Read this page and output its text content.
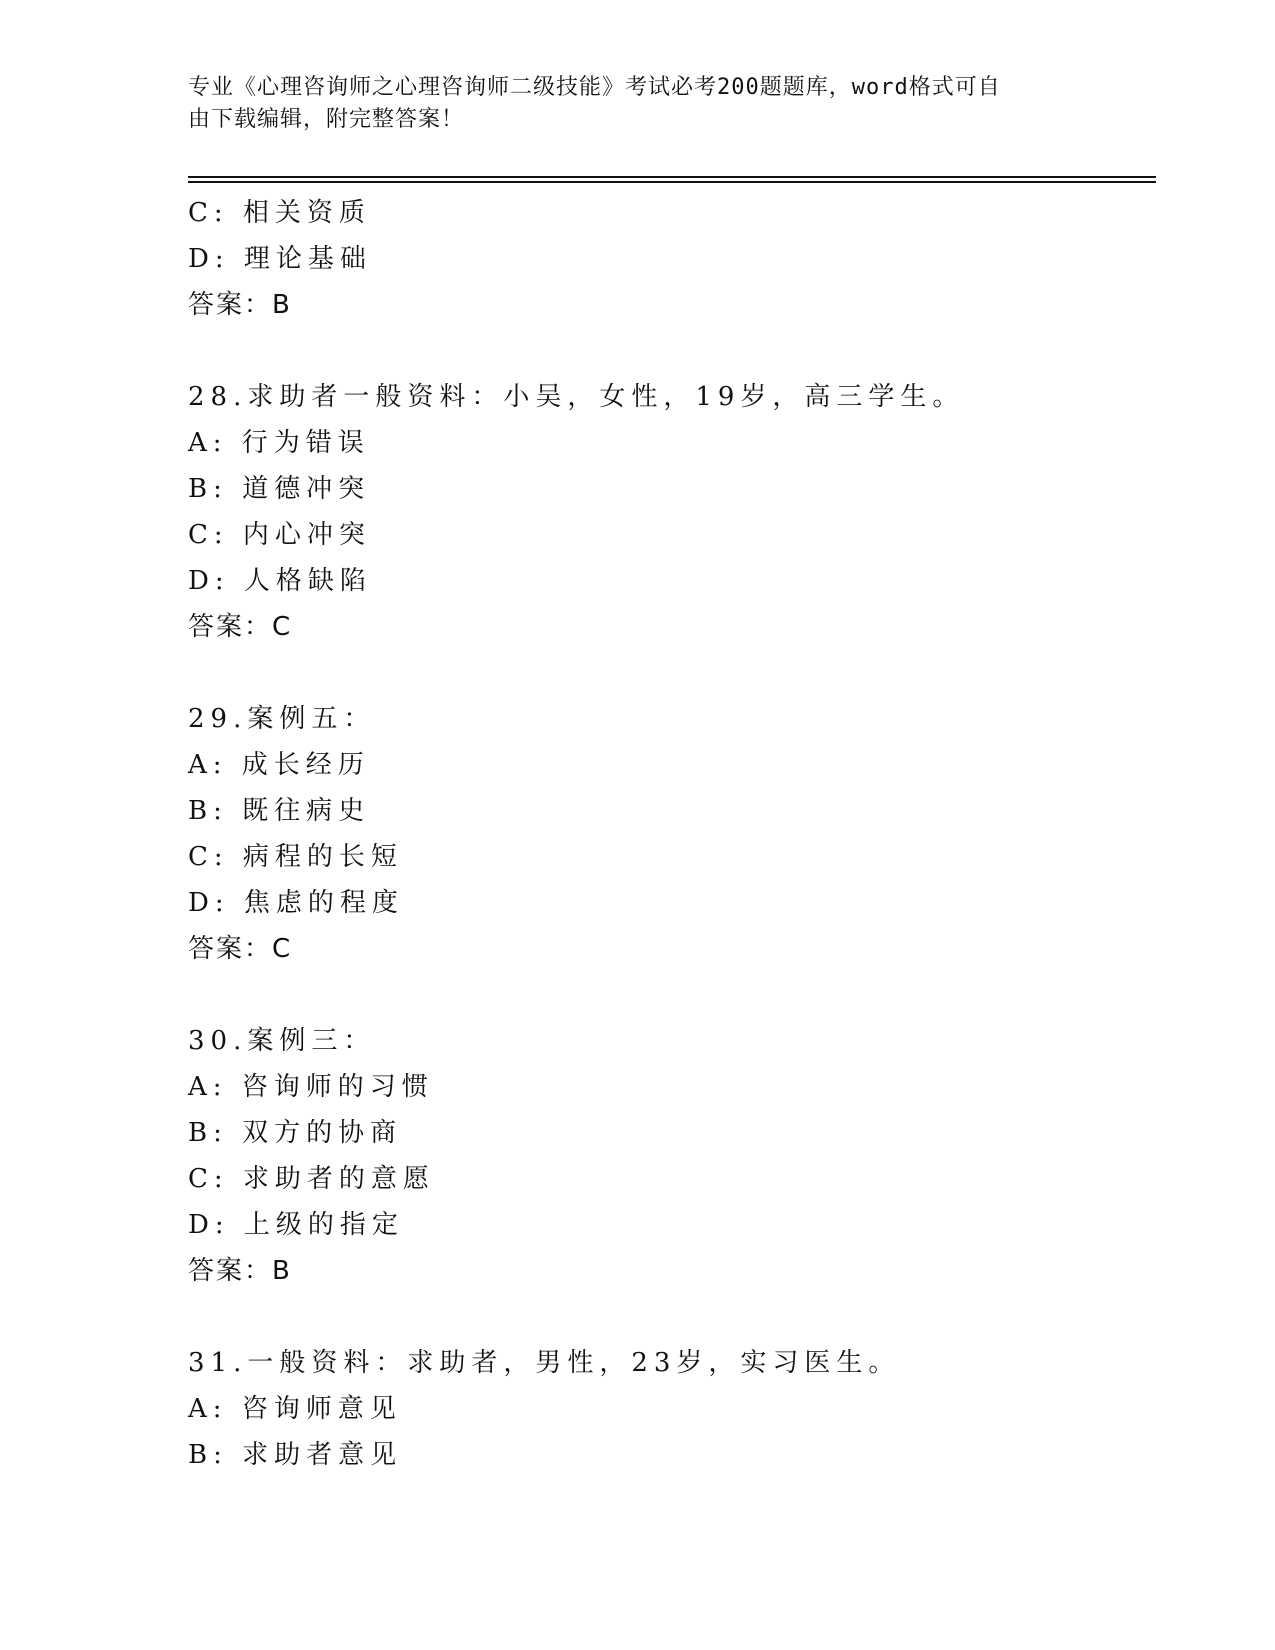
专业《心理咨询师之心理咨询师二级技能》考试必考200题题库，word格式可自

由下载编辑，附完整答案！

C: 相关资质
D: 理论基础
答案：B
28.求助者一般资料：小吴，女性，19岁，高三学生。
A: 行为错误
B: 道德冲突
C: 内心冲突
D: 人格缺陷
答案：C
29.案例五：
A: 成长经历
B: 既往病史
C: 病程的长短
D: 焦虑的程度
答案：C
30.案例三：
A: 咨询师的习惯
B: 双方的协商
C: 求助者的意愿
D: 上级的指定
答案：B
31.一般资料：求助者，男性，23岁，实习医生。
A: 咨询师意见
B: 求助者意见
